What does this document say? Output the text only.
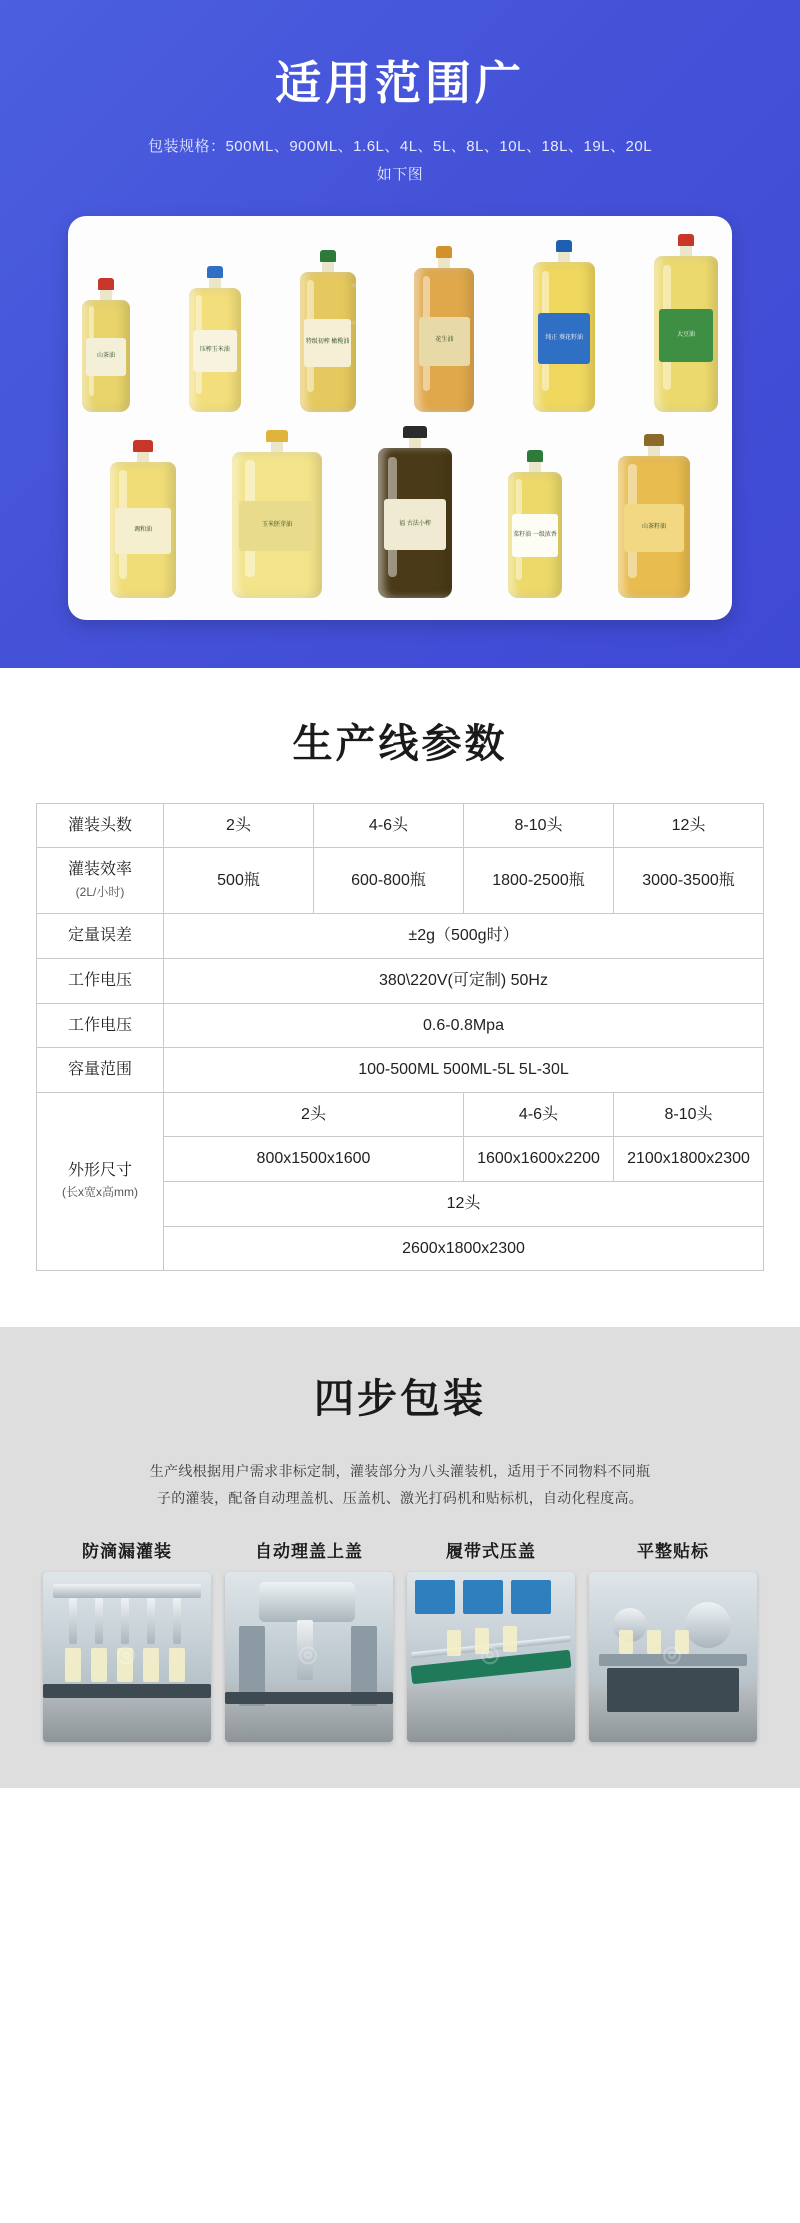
适用范围广

包装规格：500ML、900ML、1.6L、4L、5L、8L、10L、18L、19L、20L
如下图

山茶油
压榨玉米油
特级初榨 橄榄油	花生油	纯正 葵花籽油	大豆油
调和油
玉米胚芽油	福 古法小榨
菜籽油 一级浓香
山茶籽油
生产线参数
灌装头数	2头	4-6头	8-10头	12头
灌装效率
(2L/小时)	500瓶	600-800瓶	1800-2500瓶	3000-3500瓶
定量误差	±2g（500g时）			
工作电压	380\220V(可定制) 50Hz			
工作电压	0.6-0.8Mpa			
容量范围	100-500ML 500ML-5L 5L-30L			
外形尺寸
(长x宽x高mm)	2头		4-6头	8-10头
	800x1500x1600		1600x1600x2200	2100x1800x2300
	12头			
	2600x1800x2300			
四步包装

生产线根据用户需求非标定制，灌装部分为八头灌装机，适用于不同物料不同瓶
子的灌装，配备自动理盖机、压盖机、激光打码机和贴标机，自动化程度高。

防滴漏灌装	自动理盖上盖	履带式压盖	平整贴标
⌾	⌾	⌾	⌾
